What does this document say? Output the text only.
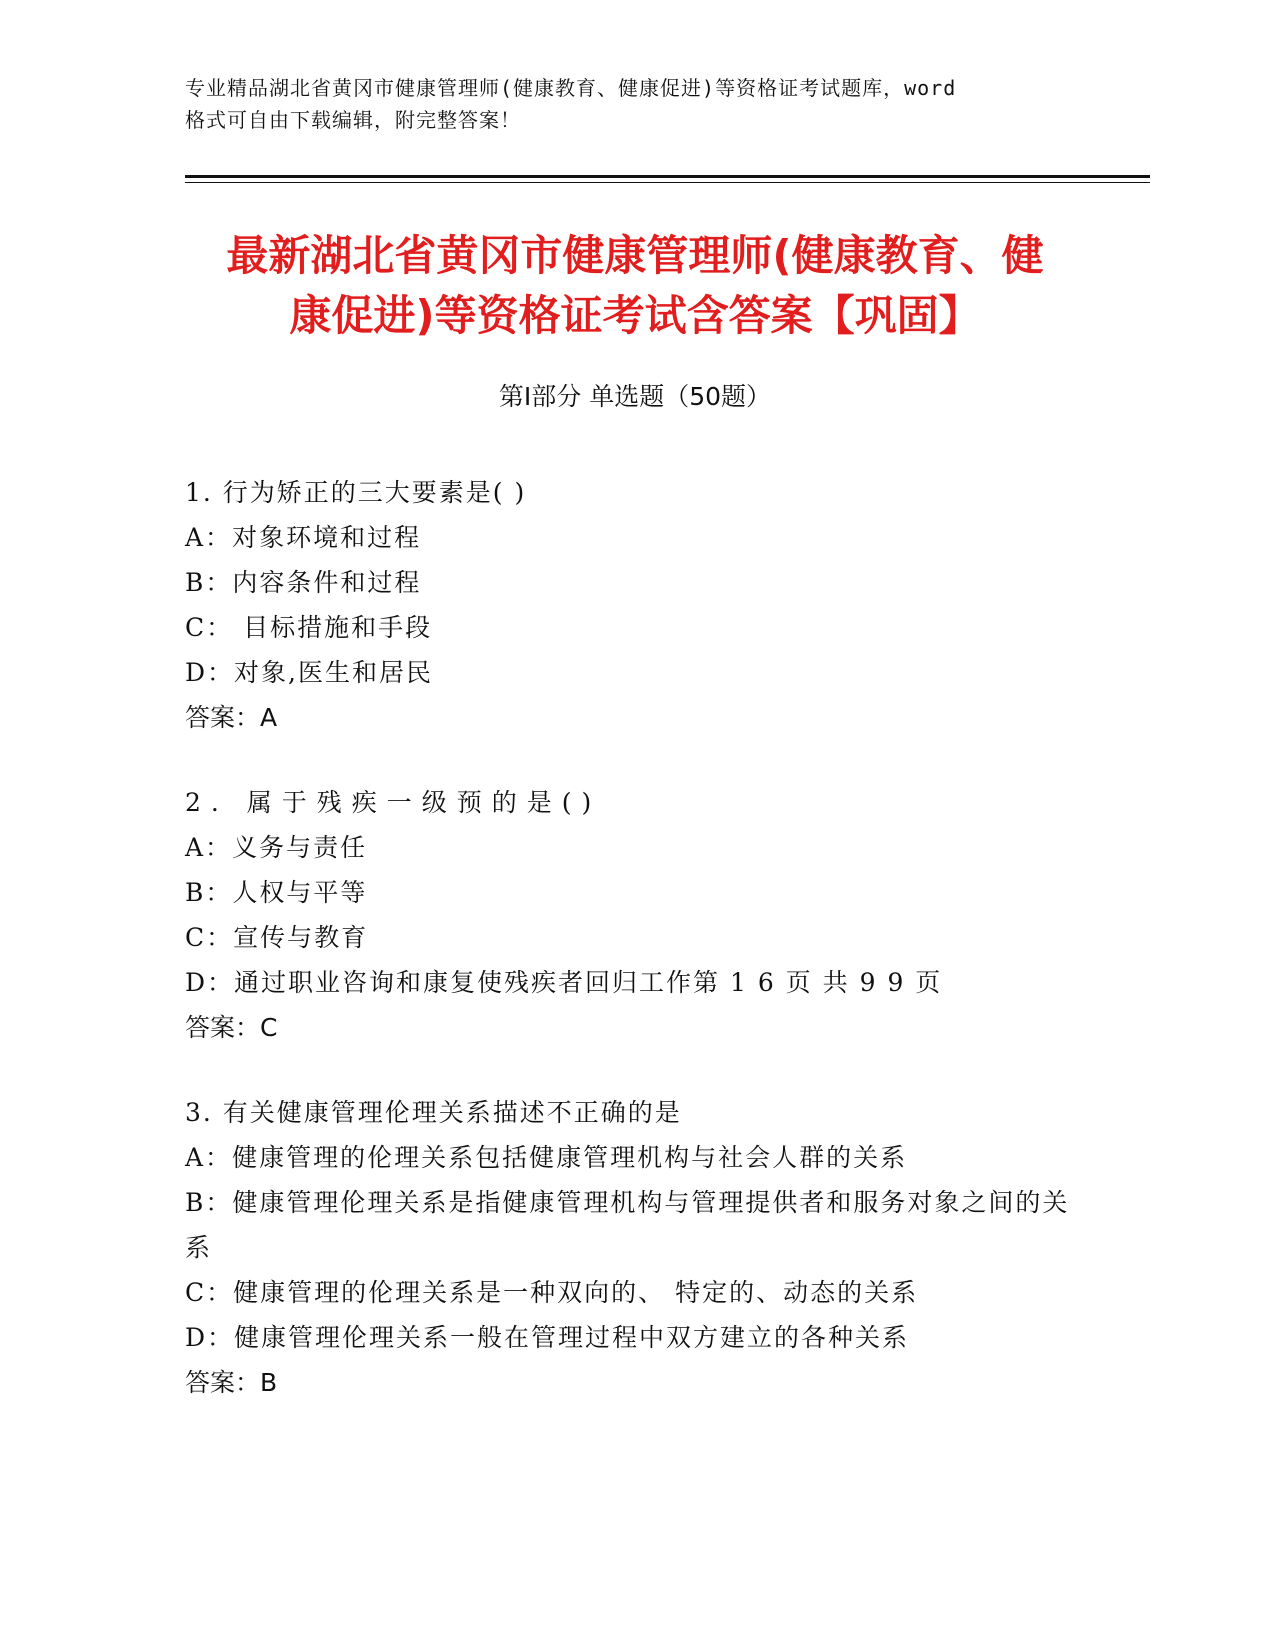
专业精品湖北省黄冈市健康管理师(健康教育、健康促进)等资格证考试题库，word
格式可自由下载编辑，附完整答案！
最新湖北省黄冈市健康管理师(健康教育、健
康促进)等资格证考试含答案【巩固】
第Ⅰ部分 单选题（50题）
1. 行为矫正的三大要素是( )
A：对象环境和过程
B：内容条件和过程
C： 目标措施和手段
D：对象,医生和居民
答案：A
2. 属于残疾一级预的是()
A：义务与责任
B：人权与平等
C：宣传与教育
D：通过职业咨询和康复使残疾者回归工作第 1 6 页 共 9 9 页
答案：C
3. 有关健康管理伦理关系描述不正确的是
A：健康管理的伦理关系包括健康管理机构与社会人群的关系
B：健康管理伦理关系是指健康管理机构与管理提供者和服务对象之间的关系
C：健康管理的伦理关系是一种双向的、 特定的、动态的关系
D：健康管理伦理关系一般在管理过程中双方建立的各种关系
答案：B
